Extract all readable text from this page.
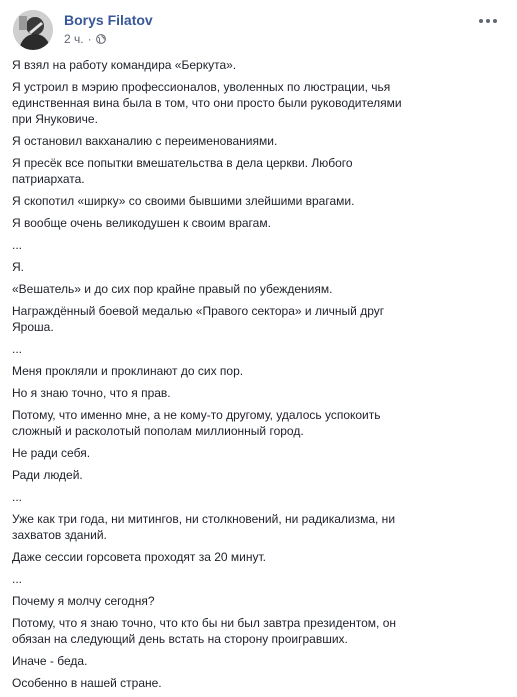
Borys Filatov
2 ч. ·

Я взял на работу командира «Беркута».

Я устроил в мэрию профессионалов, уволенных по люстрации, чья единственная вина была в том, что они просто были руководителями при Януковиче.

Я остановил вакханалию с переименованиями.

Я пресёк все попытки вмешательства в дела церкви. Любого патриархата.

Я скопотил «ширку» со своими бывшими злейшими врагами.

Я вообще очень великодушен к своим врагам.

...

Я.

«Вешатель» и до сих пор крайне правый по убеждениям.

Награждённый боевой медалью «Правого сектора» и личный друг Яроша.

...

Меня прокляли и проклинают до сих пор.

Но я знаю точно, что я прав.

Потому, что именно мне, а не кому-то другому, удалось успокоить сложный и расколотый пополам миллионный город.

Не ради себя.

Ради людей.

...

Уже как три года, ни митингов, ни столкновений, ни радикализма, ни захватов зданий.

Даже сессии горсовета проходят за 20 минут.

...

Почему я молчу сегодня?

Потому, что я знаю точно, что кто бы ни был завтра президентом, он обязан на следующий день встать на сторону проигравших.

Иначе - беда.

Особенно в нашей стране.
